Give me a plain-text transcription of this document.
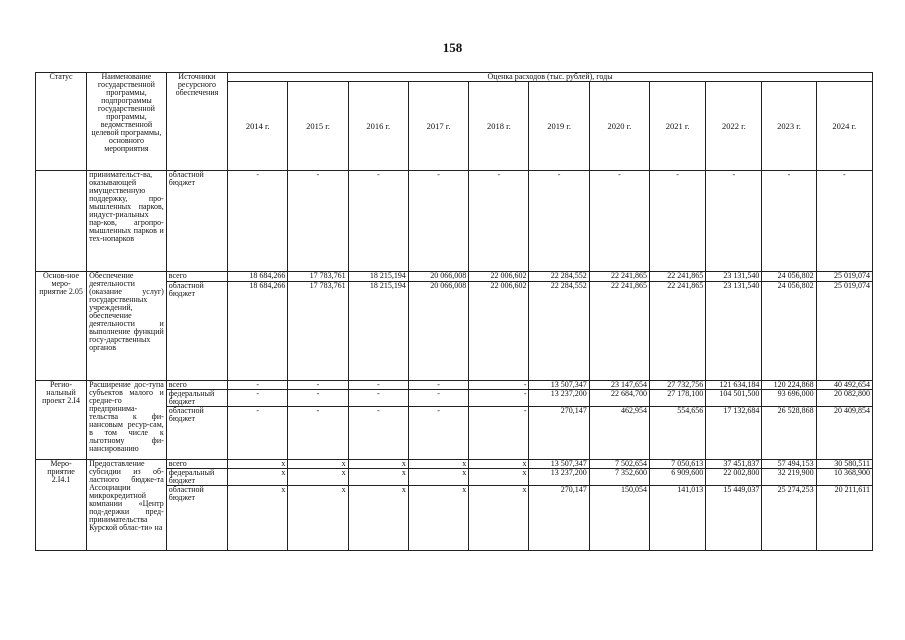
158
Статус	Наименование государственной программы, подпрограммы государственной программы, ведомственной целевой программы, основного мероприятия	Источники ресурсного обеспечения	Оценка расходов (тыс. рублей), годы										
			2014 г.	2015 г.	2016 г.	2017 г.	2018 г.	2019 г.	2020 г.	2021 г.	2022 г.	2023 г.	2024 г.
	принимательст-ва, оказывающей имущественную поддержку, про-мышленных парков, индуст-риальных пар-ков, агропро-мышленных парков и тех-нопарков	областной бюджет	-	-	-	-	-	-	-	-	-	-	-
Основ-ное меро-приятие 2.05	Обеспечение деятельности (оказание услуг) государственных учреждений, обеспечение деятельности и выполнение функций госу-дарственных органов	всего	18 684,266	17 783,761	18 215,194	20 066,008	22 006,602	22 284,552	22 241,865	22 241,865	23 131,540	24 056,802	25 019,074
		областной бюджет	18 684,266	17 783,761	18 215,194	20 066,008	22 006,602	22 284,552	22 241,865	22 241,865	23 131,540	24 056,802	25 019,074
Регио-нальный проект 2.I4	Расширение дос-тупа субъектов малого и средне-го предпринима-тельства к фи-нансовым ресур-сам, в том числе к льготному фи-нансированию	всего	-	-	-	-	-	13 507,347	23 147,654	27 732,756	121 634,184	120 224,868	40 492,654
		федеральный бюджет	-	-	-	-	-	13 237,200	22 684,700	27 178,100	104 501,500	93 696,000	20 082,800
		областной бюджет	-	-	-	-	-	270,147	462,954	554,656	17 132,684	26 528,868	20 409,854
Меро-приятие 2.I4.1	Предоставление субсидии из об-ластного бюдже-та Ассоциации микрокредитной компании «Центр под-держки пред-принимательства Курской облас-ти» на	всего	x	x	x	x	x	13 507,347	7 502,654	7 050,613	37 451,837	57 494,153	30 580,511
		федеральный бюджет	x	x	x	x	x	13 237,200	7 352,600	6 909,600	22 002,800	32 219,900	10 368,900
		областной бюджет	x	x	x	x	x	270,147	150,054	141,013	15 449,037	25 274,253	20 211,611
